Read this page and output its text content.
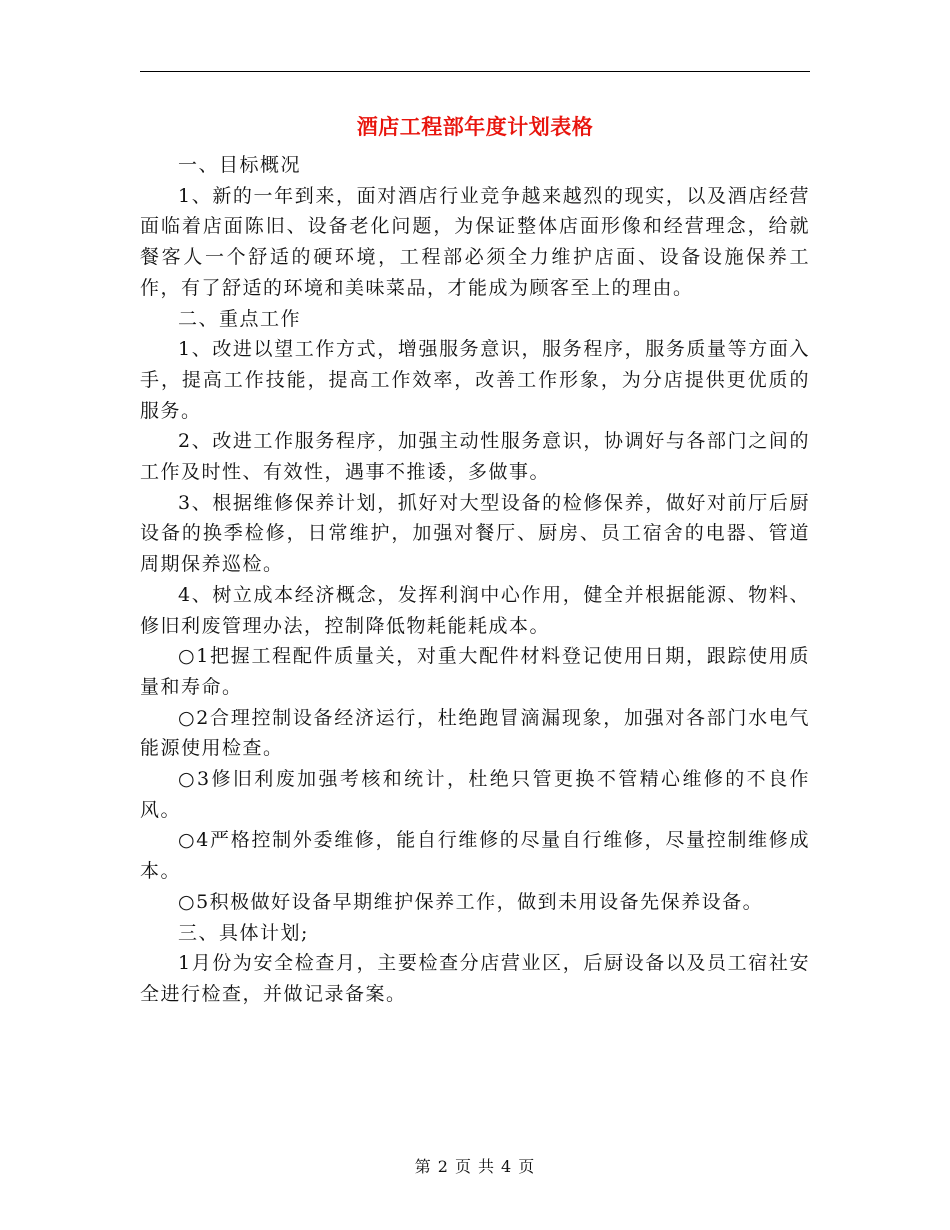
酒店工程部年度计划表格

一、目标概况

1、新的一年到来，面对酒店行业竞争越来越烈的现实，以及酒店经营面临着店面陈旧、设备老化问题，为保证整体店面形像和经营理念，给就餐客人一个舒适的硬环境，工程部必须全力维护店面、设备设施保养工作，有了舒适的环境和美味菜品，才能成为顾客至上的理由。

二、重点工作

1、改进以望工作方式，增强服务意识，服务程序，服务质量等方面入手，提高工作技能，提高工作效率，改善工作形象，为分店提供更优质的服务。

2、改进工作服务程序，加强主动性服务意识，协调好与各部门之间的工作及时性、有效性，遇事不推诿，多做事。

3、根据维修保养计划，抓好对大型设备的检修保养，做好对前厅后厨设备的换季检修，日常维护，加强对餐厅、厨房、员工宿舍的电器、管道周期保养巡检。

4、树立成本经济概念，发挥利润中心作用，健全并根据能源、物料、修旧利废管理办法，控制降低物耗能耗成本。

○1把握工程配件质量关，对重大配件材料登记使用日期，跟踪使用质量和寿命。

○2合理控制设备经济运行，杜绝跑冒滴漏现象，加强对各部门水电气能源使用检查。

○3修旧利废加强考核和统计，杜绝只管更换不管精心维修的不良作风。

○4严格控制外委维修，能自行维修的尽量自行维修，尽量控制维修成本。

○5积极做好设备早期维护保养工作，做到未用设备先保养设备。

三、具体计划;

1月份为安全检查月，主要检查分店营业区，后厨设备以及员工宿社安全进行检查，并做记录备案。

第 2 页 共 4 页
